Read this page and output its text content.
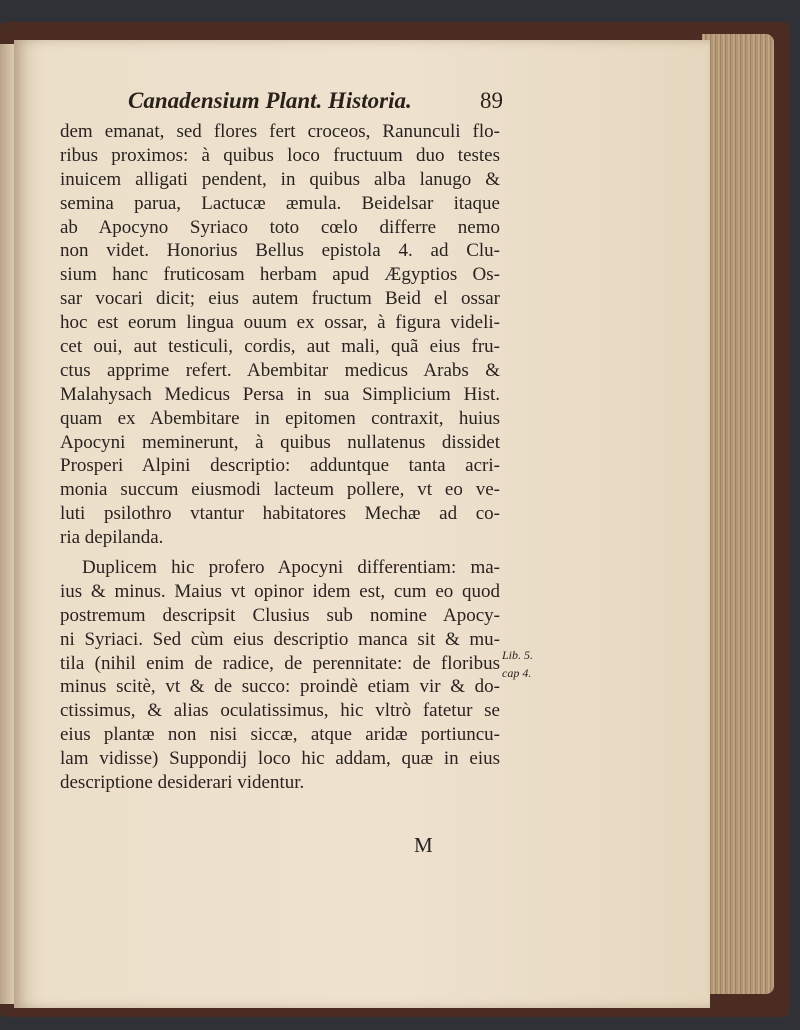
Canadensium Plant. Historia.	89
dem emanat, sed flores fert croceos, Ranunculi flo-
ribus proximos: à quibus loco fructuum duo testes
inuicem alligati pendent, in quibus alba lanugo &
semina parua, Lactucæ æmula. Beidelsar itaque
ab Apocyno Syriaco toto cœlo differre nemo
non videt. Honorius Bellus epistola 4. ad Clu-
sium hanc fruticosam herbam apud Ægyptios Os-
sar vocari dicit; eius autem fructum Beid el ossar
hoc est eorum lingua ouum ex ossar, à figura videli-
cet oui, aut testiculi, cordis, aut mali, quã eius fru-
ctus apprime refert. Abembitar medicus Arabs &
Malahysach Medicus Persa in sua Simplicium Hist.
quam ex Abembitare in epitomen contraxit, huius
Apocyni meminerunt, à quibus nullatenus dissidet
Prosperi Alpini descriptio: adduntque tanta acri-
monia succum eiusmodi lacteum pollere, vt eo ve-
luti psilothro vtantur habitatores Mechæ ad co-
ria depilanda.
Duplicem hic profero Apocyni differentiam: ma-
ius & minus. Maius vt opinor idem est, cum eo quod
postremum descripsit Clusius sub nomine Apocy-
ni Syriaci. Sed cùm eius descriptio manca sit & mu-
tila (nihil enim de radice, de perennitate: de floribus
minus scitè, vt & de succo: proindè etiam vir & do-
ctissimus, & alias oculatissimus, hic vltrò fatetur se
eius plantæ non nisi siccæ, atque aridæ portiuncu-
lam vidisse) Suppondij loco hic addam, quæ in eius
descriptione desiderari videntur.
Lib. 5.
cap 4.
M
